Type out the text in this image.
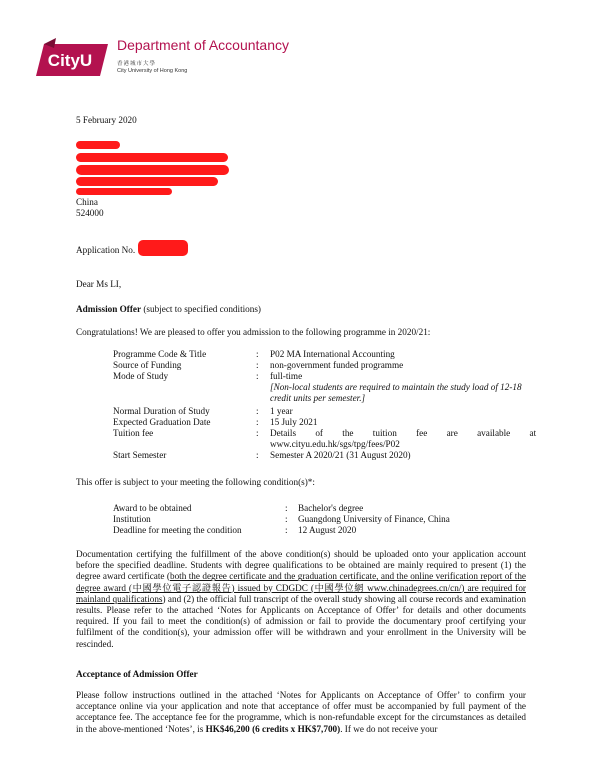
CityU
Department of Accountancy
香港城市大學
City University of Hong Kong
5 February 2020
China
524000
Application No.
Dear Ms LI,
Admission Offer (subject to specified conditions)
Congratulations! We are pleased to offer you admission to the following programme in 2020/21:
Programme Code & Title	: P02 MA International Accounting
Source of Funding	: non-government funded programme
Mode of Study	: full-time
[Non-local students are required to maintain the study load of 12-18
credit units per semester.]
Normal Duration of Study	: 1 year
Expected Graduation Date	: 15 July 2021
Tuition fee	: Details of the tuition fee are available at
www.cityu.edu.hk/sgs/tpg/fees/P02
Start Semester	: Semester A 2020/21 (31 August 2020)
This offer is subject to your meeting the following condition(s)*:
Award to be obtained	: Bachelor's degree
Institution	: Guangdong University of Finance, China
Deadline for meeting the condition	: 12 August 2020
Documentation certifying the fulfillment of the above condition(s) should be uploaded onto your application account before the specified deadline. Students with degree qualifications to be obtained are mainly required to present (1) the degree award certificate (both the degree certificate and the graduation certificate, and the online verification report of the degree award (中國學位電子認證報告) issued by CDGDC (中國學位網 www.chinadegrees.cn/cn/) are required for mainland qualifications) and (2) the official full transcript of the overall study showing all course records and examination results. Please refer to the attached ‘Notes for Applicants on Acceptance of Offer’ for details and other documents required. If you fail to meet the condition(s) of admission or fail to provide the documentary proof certifying your fulfilment of the condition(s), your admission offer will be withdrawn and your enrollment in the University will be rescinded.
Acceptance of Admission Offer
Please follow instructions outlined in the attached ‘Notes for Applicants on Acceptance of Offer’ to confirm your acceptance online via your application and note that acceptance of offer must be accompanied by full payment of the acceptance fee. The acceptance fee for the programme, which is non-refundable except for the circumstances as detailed in the above-mentioned ‘Notes’, is HK$46,200 (6 credits x HK$7,700). If we do not receive your
